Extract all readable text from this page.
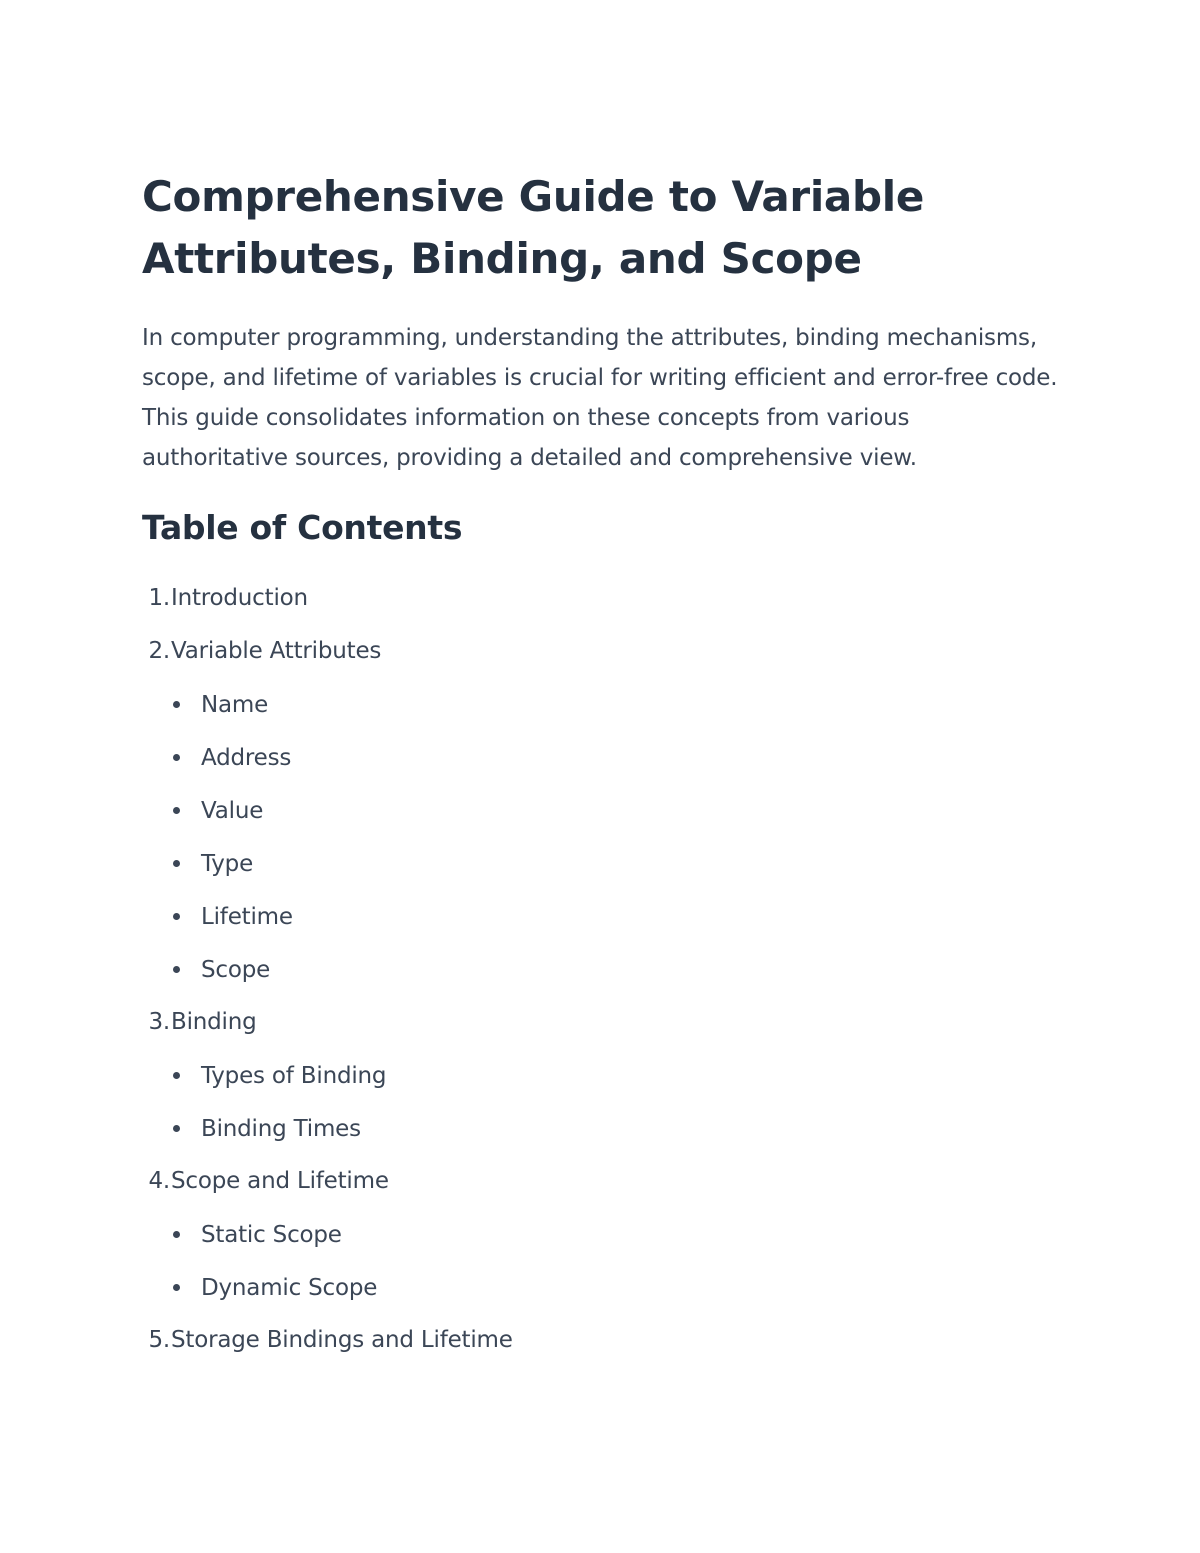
Comprehensive Guide to Variable Attributes, Binding, and Scope

In computer programming, understanding the attributes, binding mechanisms, scope, and lifetime of variables is crucial for writing efficient and error-free code. This guide consolidates information on these concepts from various authoritative sources, providing a detailed and comprehensive view.

Table of Contents
1. Introduction
2. Variable Attributes
Name
Address
Value
Type
Lifetime
Scope
3. Binding
Types of Binding
Binding Times
4. Scope and Lifetime
Static Scope
Dynamic Scope
5. Storage Bindings and Lifetime
